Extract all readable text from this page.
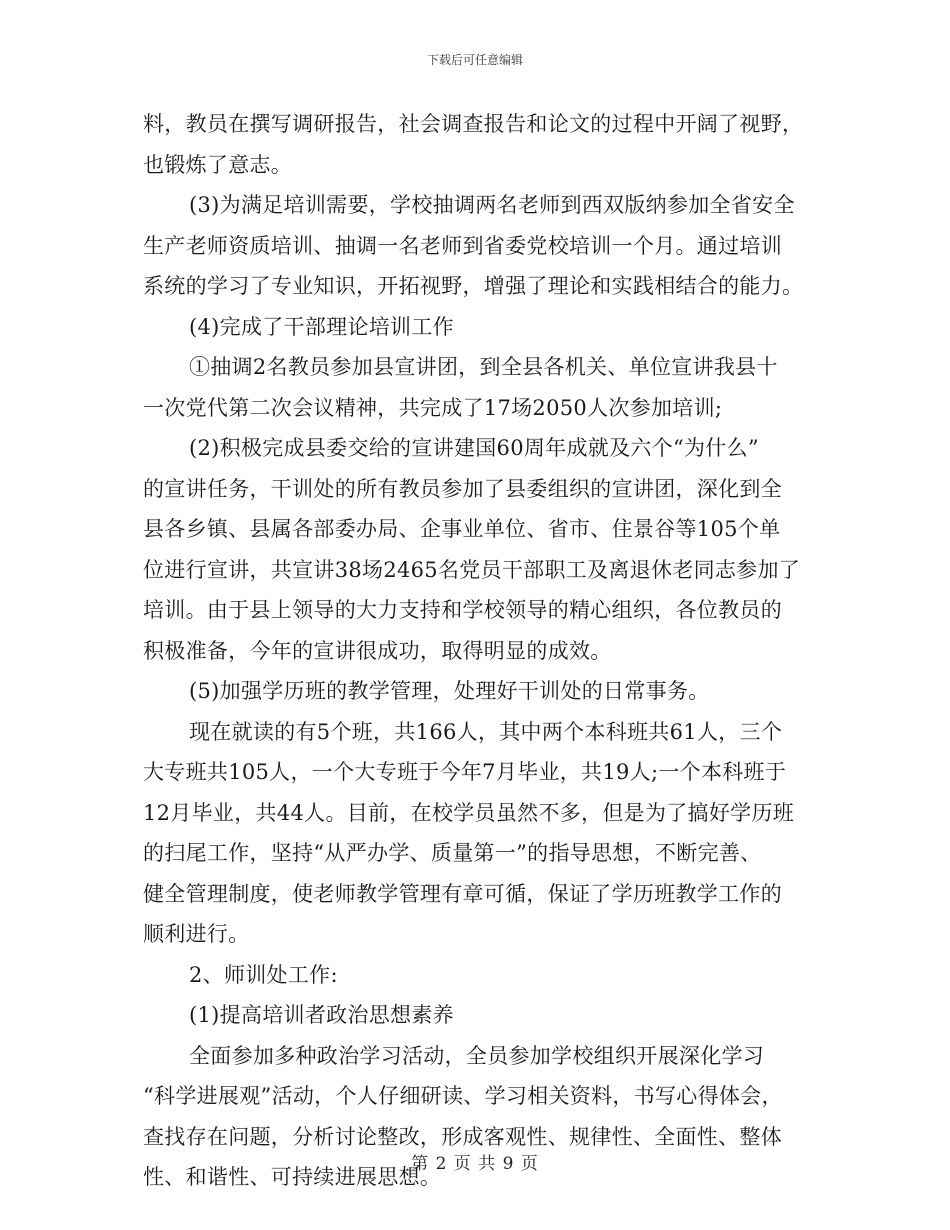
下载后可任意编辑
料，教员在撰写调研报告，社会调查报告和论文的过程中开阔了视野，
也锻炼了意志。
(3)为满足培训需要，学校抽调两名老师到西双版纳参加全省安全
生产老师资质培训、抽调一名老师到省委党校培训一个月。通过培训
系统的学习了专业知识，开拓视野，增强了理论和实践相结合的能力。
(4)完成了干部理论培训工作
①抽调2名教员参加县宣讲团，到全县各机关、单位宣讲我县十
一次党代第二次会议精神，共完成了17场2050人次参加培训;
(2)积极完成县委交给的宣讲建国60周年成就及六个“为什么”
的宣讲任务，干训处的所有教员参加了县委组织的宣讲团，深化到全
县各乡镇、县属各部委办局、企事业单位、省市、住景谷等105个单
位进行宣讲，共宣讲38场2465名党员干部职工及离退休老同志参加了
培训。由于县上领导的大力支持和学校领导的精心组织，各位教员的
积极准备，今年的宣讲很成功，取得明显的成效。
(5)加强学历班的教学管理，处理好干训处的日常事务。
现在就读的有5个班，共166人，其中两个本科班共61人，三个
大专班共105人，一个大专班于今年7月毕业，共19人;一个本科班于
12月毕业，共44人。目前，在校学员虽然不多，但是为了搞好学历班
的扫尾工作，坚持“从严办学、质量第一”的指导思想，不断完善、
健全管理制度，使老师教学管理有章可循，保证了学历班教学工作的
顺利进行。
2、师训处工作:
(1)提高培训者政治思想素养
全面参加多种政治学习活动，全员参加学校组织开展深化学习
“科学进展观”活动，个人仔细研读、学习相关资料，书写心得体会，
查找存在问题，分析讨论整改，形成客观性、规律性、全面性、整体
性、和谐性、可持续进展思想。
第 2 页 共 9 页
